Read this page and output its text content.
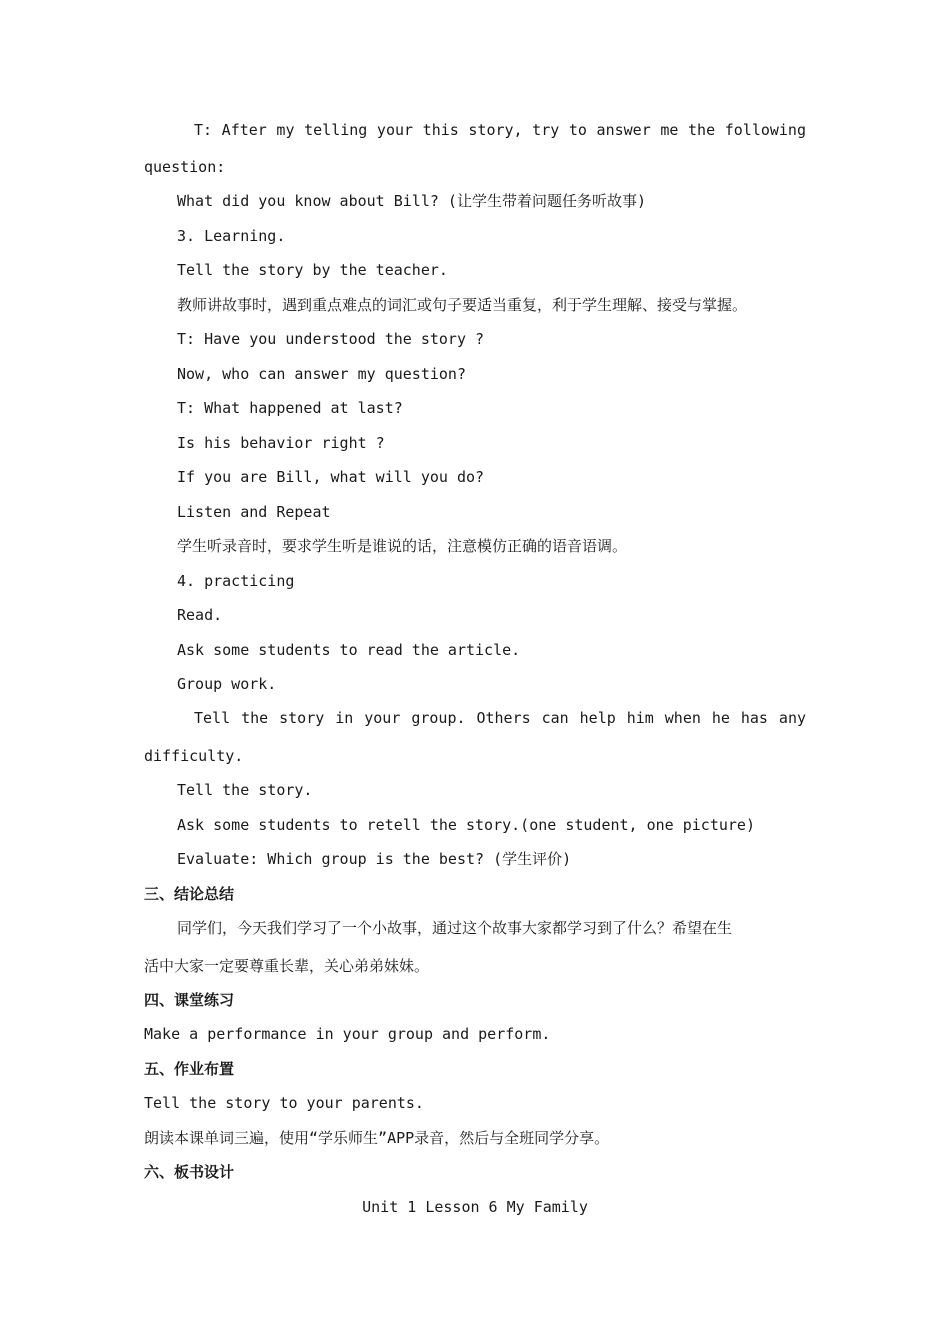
T: After my telling your this story, try to answer me the following
question:
What did you know about Bill? (让学生带着问题任务听故事)
3. Learning.
Tell the story by the teacher.
教师讲故事时，遇到重点难点的词汇或句子要适当重复，利于学生理解、接受与掌握。
T: Have you understood the story ?
Now, who can answer my question?
T: What happened at last?
Is his behavior right ?
If you are Bill, what will you do?
Listen and Repeat
学生听录音时，要求学生听是谁说的话，注意模仿正确的语音语调。
4. practicing
Read.
Ask some students to read the article.
Group work.
Tell the story in your group. Others can help him when he has any
difficulty.
Tell the story.
Ask some students to retell the story.(one student, one picture)
Evaluate: Which group is the best? (学生评价)
三、结论总结
同学们，今天我们学习了一个小故事，通过这个故事大家都学习到了什么？希望在生
活中大家一定要尊重长辈，关心弟弟妹妹。
四、课堂练习
Make a performance in your group and perform.
五、作业布置
Tell the story to your parents.
朗读本课单词三遍，使用“学乐师生”APP录音，然后与全班同学分享。
六、板书设计
Unit 1 Lesson 6 My Family
